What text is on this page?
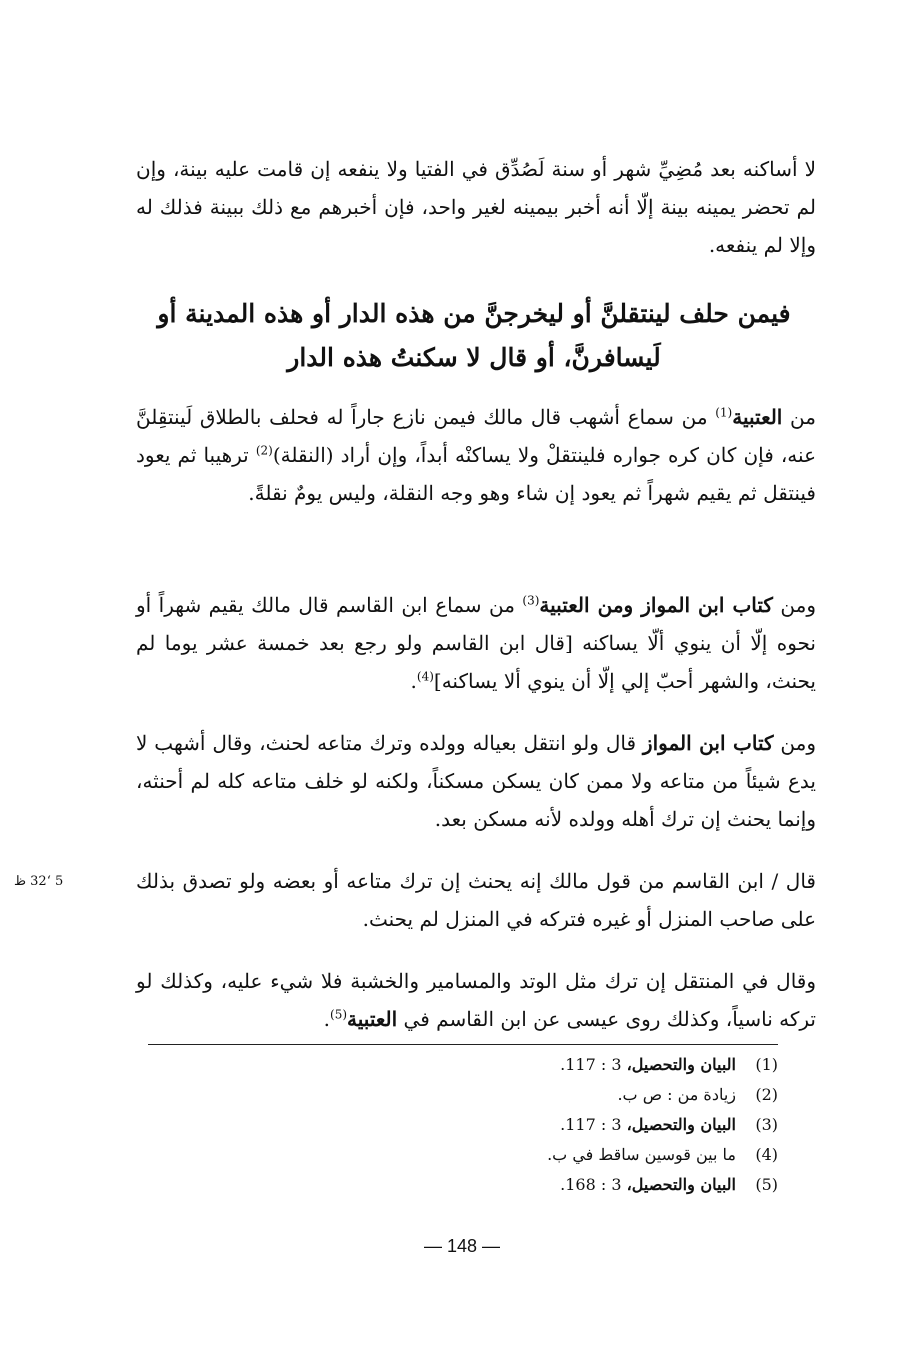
لا أساكنه بعد مُضِيِّ شهر أو سنة لَصُدِّق في الفتيا ولا ينفعه إن قامت عليه بينة، وإن لم تحضر يمينه بينة إلّا أنه أخبر بيمينه لغير واحد، فإن أخبرهم مع ذلك ببينة فذلك له وإلا لم ينفعه.

فيمن حلف لينتقلنَّ أو ليخرجنَّ من هذه الدار أو هذه المدينة أو لَيسافرنَّ، أو قال لا سكنتُ هذه الدار

من العتبية$^{(1)}$ من سماع أشهب قال مالك فيمن نازع جاراً له فحلف بالطلاق لَينتقِلنَّ عنه، فإن كان كره جواره فلينتقلْ ولا يساكنْه أبداً، وإن أراد (النقلة)$^{(2)}$ ترهيبا ثم يعود فينتقل ثم يقيم شهراً ثم يعود إن شاء وهو وجه النقلة، وليس يومٌ نقلةً.

ومن كتاب ابن المواز ومن العتبية$^{(3)}$ من سماع ابن القاسم قال مالك يقيم شهراً أو نحوه إلّا أن ينوي ألّا يساكنه [قال ابن القاسم ولو رجع بعد خمسة عشر يوما لم يحنث، والشهر أحبّ إلي إلّا أن ينوي ألا يساكنه]$^{(4)}$.

ومن كتاب ابن المواز قال ولو انتقل بعياله وولده وترك متاعه لحنث، وقال أشهب لا يدع شيئاً من متاعه ولا ممن كان يسكن مسكناً، ولكنه لو خلف متاعه كله لم أحنثه، وإنما يحنث إن ترك أهله وولده لأنه مسكن بعد.

قال / ابن القاسم من قول مالك إنه يحنث إن ترك متاعه أو بعضه ولو تصدق بذلك على صاحب المنزل أو غيره فتركه في المنزل لم يحنث.

5 ‘32 ظ

وقال في المنتقل إن ترك مثل الوتد والمسامير والخشبة فلا شيء عليه، وكذلك لو تركه ناسياً، وكذلك روى عيسى عن ابن القاسم في العتبية$^{(5)}$.

(1)البيان والتحصيل، 3 : 117.
(2)زيادة من : ص ب.
(3)البيان والتحصيل، 3 : 117.
(4)ما بين قوسين ساقط في ب.
(5)البيان والتحصيل، 3 : 168.
— 148 —
